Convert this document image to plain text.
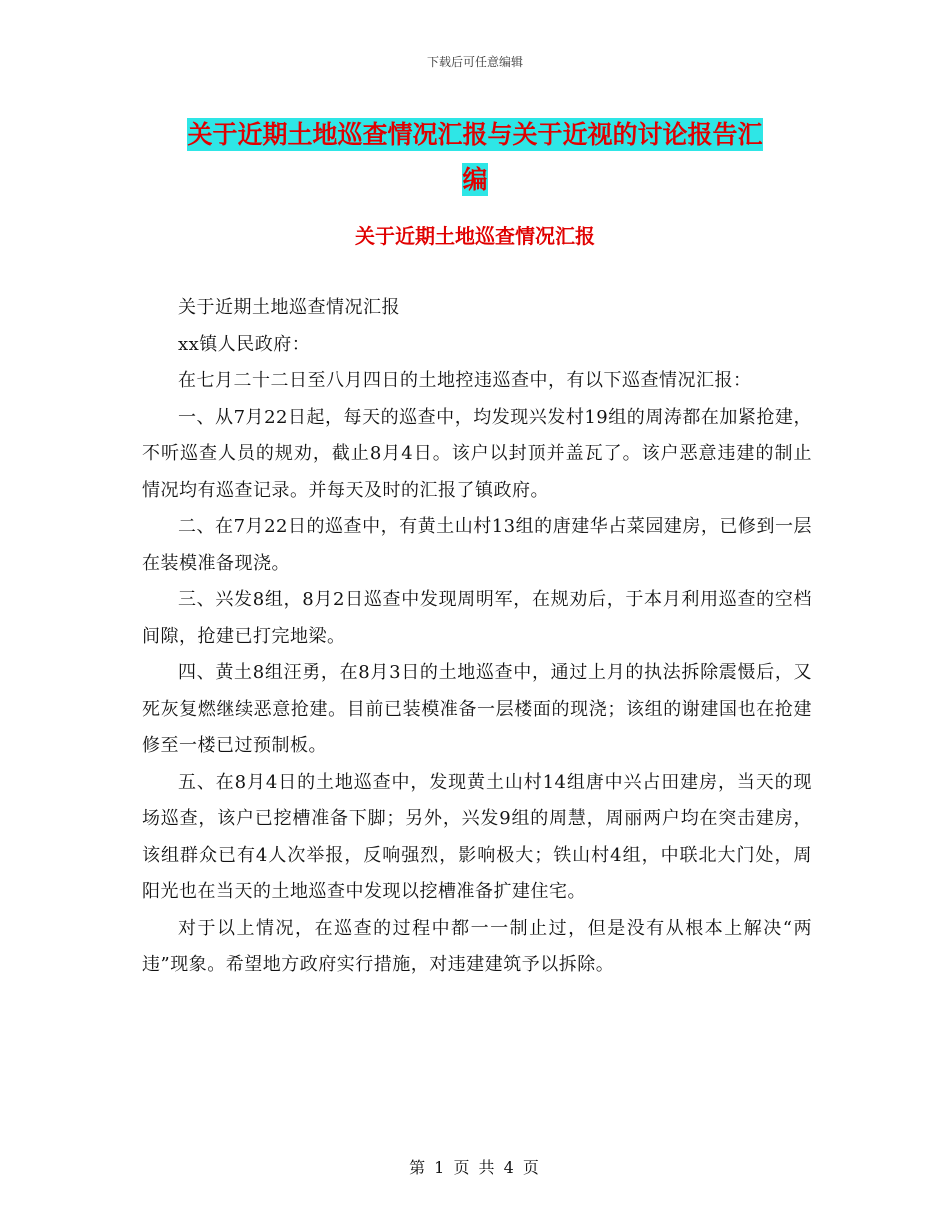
下载后可任意编辑
关于近期土地巡查情况汇报与关于近视的讨论报告汇
编
关于近期土地巡查情况汇报

关于近期土地巡查情况汇报

xx镇人民政府：

在七月二十二日至八月四日的土地控违巡查中，有以下巡查情况汇报：

一、从7月22日起，每天的巡查中，均发现兴发村19组的周涛都在加紧抢建，不听巡查人员的规劝，截止8月4日。该户以封顶并盖瓦了。该户恶意违建的制止情况均有巡查记录。并每天及时的汇报了镇政府。

二、在7月22日的巡查中，有黄土山村13组的唐建华占菜园建房，已修到一层在装模准备现浇。

三、兴发8组，8月2日巡查中发现周明军，在规劝后，于本月利用巡查的空档间隙，抢建已打完地梁。

四、黄土8组汪勇，在8月3日的土地巡查中，通过上月的执法拆除震慑后，又死灰复燃继续恶意抢建。目前已装模准备一层楼面的现浇；该组的谢建国也在抢建修至一楼已过预制板。

五、在8月4日的土地巡查中，发现黄土山村14组唐中兴占田建房，当天的现场巡查，该户已挖槽准备下脚；另外，兴发9组的周慧，周丽两户均在突击建房，该组群众已有4人次举报，反响强烈，影响极大；铁山村4组，中联北大门处，周阳光也在当天的土地巡查中发现以挖槽准备扩建住宅。

对于以上情况，在巡查的过程中都一一制止过，但是没有从根本上解决“两违”现象。希望地方政府实行措施，对违建建筑予以拆除。

第 1 页 共 4 页
